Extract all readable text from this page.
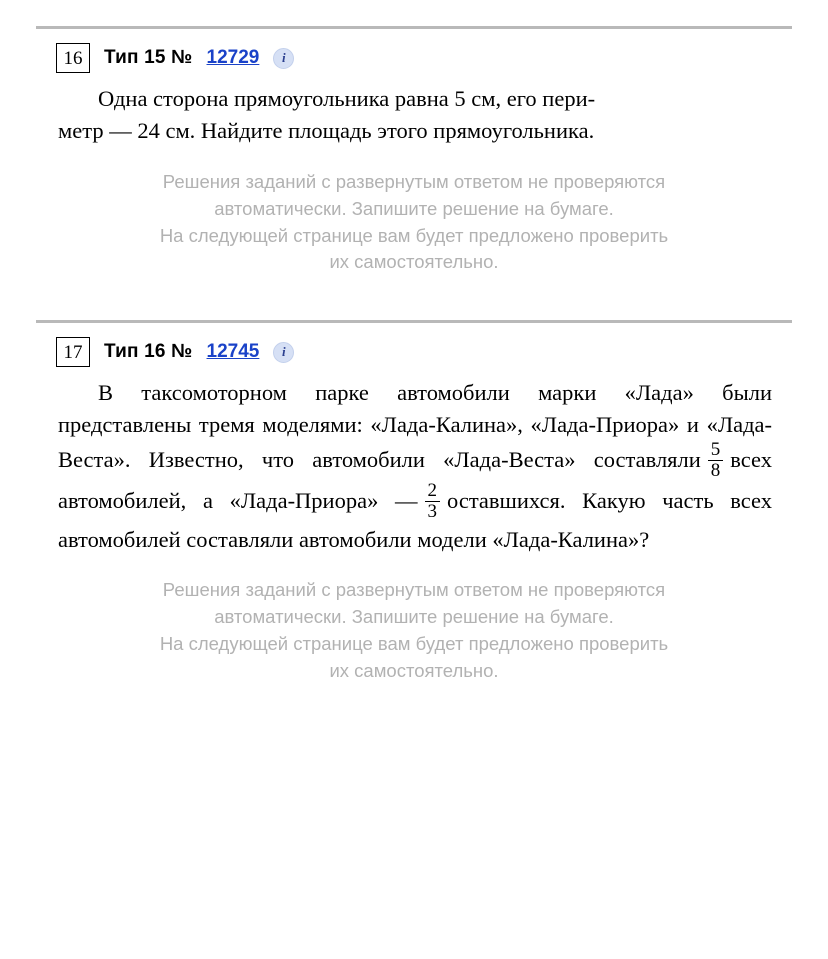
16	Тип 15 № 12729	i

Одна сторона прямоугольника равна 5 см, его пери-

метр — 24 см. Найдите площадь этого прямоугольника.

Решения заданий с развернутым ответом не проверяются
автоматически. Запишите решение на бумаге.
На следующей странице вам будет предложено проверить
их самостоятельно.
17	Тип 16 № 12745	i

В таксомоторном парке автомобили марки «Лада» были представлены тремя моделями: «Лада-Калина», «Лада-Приора» и «Лада-Веста». Известно, что автомобили «Лада-Веста» составляли $\frac{5}{8}$ всех автомобилей, а «Лада-Приора» — $\frac{2}{3}$ оставшихся. Какую часть всех автомобилей составляли автомобили модели «Лада-Калина»?

Решения заданий с развернутым ответом не проверяются
автоматически. Запишите решение на бумаге.
На следующей странице вам будет предложено проверить
их самостоятельно.
